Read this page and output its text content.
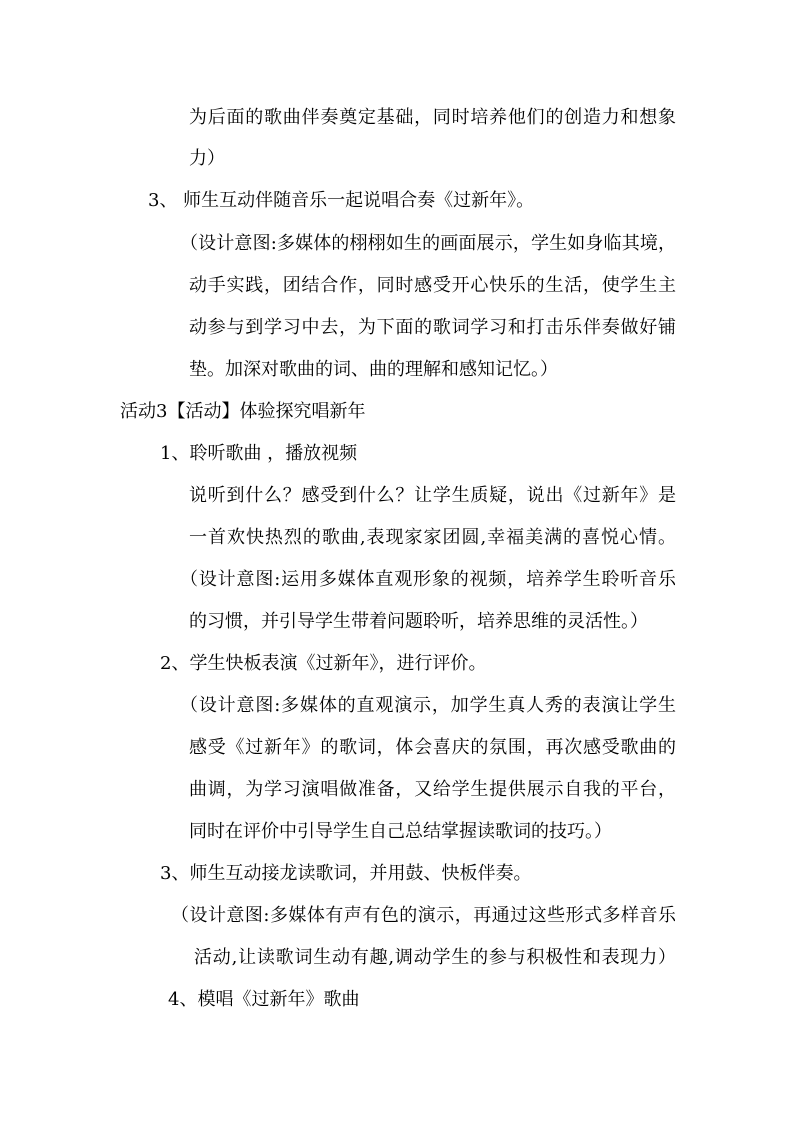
为后面的歌曲伴奏奠定基础，同时培养他们的创造力和想象
力）
3、 师生互动伴随音乐一起说唱合奏《过新年》。
（设计意图:多媒体的栩栩如生的画面展示，学生如身临其境，
动手实践，团结合作，同时感受开心快乐的生活，使学生主
动参与到学习中去，为下面的歌词学习和打击乐伴奏做好铺
垫。加深对歌曲的词、曲的理解和感知记忆。）
活动3【活动】体验探究唱新年
1、聆听歌曲 ，播放视频
说听到什么？感受到什么？让学生质疑，说出《过新年》是
一首欢快热烈的歌曲,表现家家团圆,幸福美满的喜悦心情。
（设计意图:运用多媒体直观形象的视频，培养学生聆听音乐
的习惯，并引导学生带着问题聆听，培养思维的灵活性。）
2、学生快板表演《过新年》，进行评价。
（设计意图:多媒体的直观演示，加学生真人秀的表演让学生
感受《过新年》的歌词，体会喜庆的氛围，再次感受歌曲的
曲调，为学习演唱做准备，又给学生提供展示自我的平台，
同时在评价中引导学生自己总结掌握读歌词的技巧。）
3、师生互动接龙读歌词，并用鼓、快板伴奏。
（设计意图:多媒体有声有色的演示，再通过这些形式多样音乐
活动,让读歌词生动有趣,调动学生的参与积极性和表现力）
4、模唱《过新年》歌曲
